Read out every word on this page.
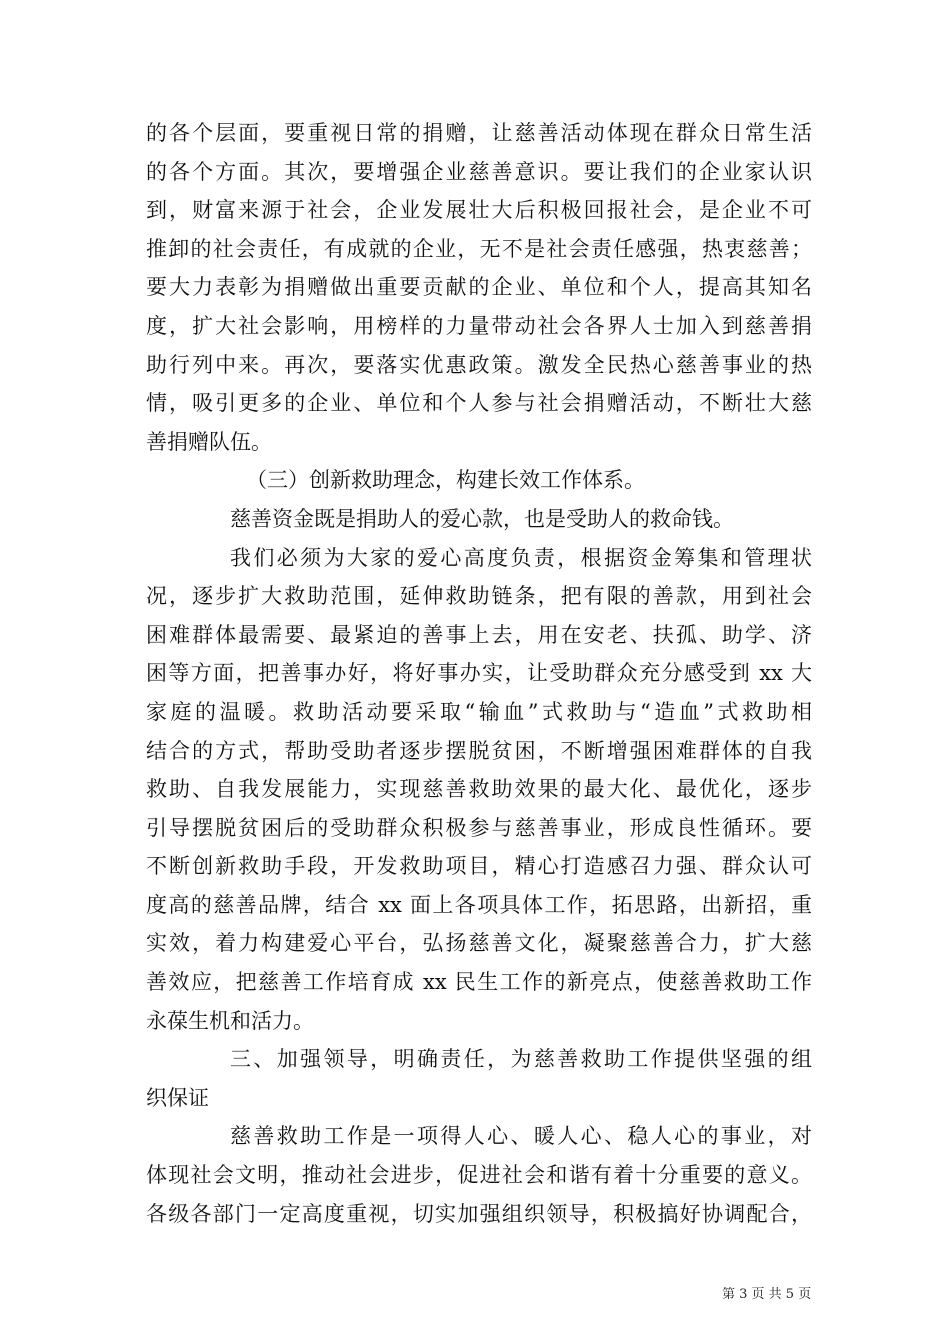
的各个层面，要重视日常的捐赠，让慈善活动体现在群众日常生活
的各个方面。其次，要增强企业慈善意识。要让我们的企业家认识
到，财富来源于社会，企业发展壮大后积极回报社会，是企业不可
推卸的社会责任，有成就的企业，无不是社会责任感强，热衷慈善；
要大力表彰为捐赠做出重要贡献的企业、单位和个人，提高其知名
度，扩大社会影响，用榜样的力量带动社会各界人士加入到慈善捐
助行列中来。再次，要落实优惠政策。激发全民热心慈善事业的热
情，吸引更多的企业、单位和个人参与社会捐赠活动，不断壮大慈
善捐赠队伍。
（三）创新救助理念，构建长效工作体系。
慈善资金既是捐助人的爱心款，也是受助人的救命钱。
我们必须为大家的爱心高度负责，根据资金筹集和管理状
况，逐步扩大救助范围，延伸救助链条，把有限的善款，用到社会
困难群体最需要、最紧迫的善事上去，用在安老、扶孤、助学、济
困等方面，把善事办好，将好事办实，让受助群众充分感受到 xx 大
家庭的温暖。救助活动要采取“输血”式救助与“造血”式救助相
结合的方式，帮助受助者逐步摆脱贫困，不断增强困难群体的自我
救助、自我发展能力，实现慈善救助效果的最大化、最优化，逐步
引导摆脱贫困后的受助群众积极参与慈善事业，形成良性循环。要
不断创新救助手段，开发救助项目，精心打造感召力强、群众认可
度高的慈善品牌，结合 xx 面上各项具体工作，拓思路，出新招，重
实效，着力构建爱心平台，弘扬慈善文化，凝聚慈善合力，扩大慈
善效应，把慈善工作培育成 xx 民生工作的新亮点，使慈善救助工作
永葆生机和活力。
三、加强领导，明确责任，为慈善救助工作提供坚强的组
织保证
慈善救助工作是一项得人心、暖人心、稳人心的事业，对
体现社会文明，推动社会进步，促进社会和谐有着十分重要的意义。
各级各部门一定高度重视，切实加强组织领导，积极搞好协调配合，
第 3 页 共 5 页
